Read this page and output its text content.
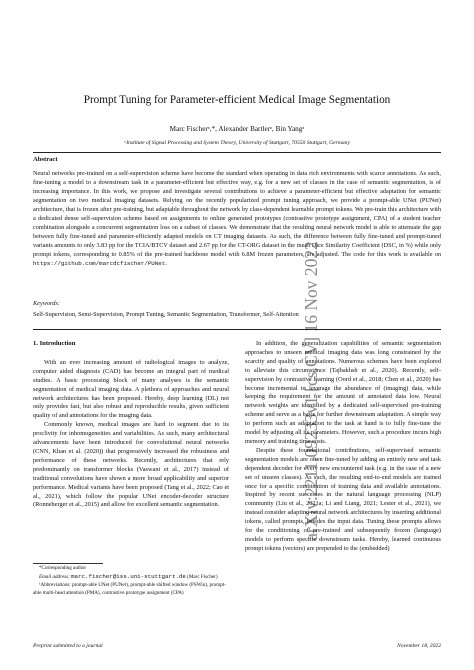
arXiv:2211.09233v1 [cs.CV] 16 Nov 2022
Prompt Tuning for Parameter-efficient Medical Image Segmentation
Marc Fischerᵃ,*, Alexander Bartlerᵃ, Bin Yangᵃ
ᵃInstitute of Signal Processing and System Theory, University of Stuttgart, 70550 Stuttgart, Germany
Abstract
Neural networks pre-trained on a self-supervision scheme have become the standard when operating in data rich environments with scarce annotations. As such, fine-tuning a model to a downstream task in a parameter-efficient but effective way, e.g. for a new set of classes in the case of semantic segmentation, is of increasing importance. In this work, we propose and investigate several contributions to achieve a parameter-efficient but effective adaptation for semantic segmentation on two medical imaging datasets. Relying on the recently popularized prompt tuning approach, we provide a prompt-able UNet (PUNet) architecture, that is frozen after pre-training, but adaptable throughout the network by class-dependent learnable prompt tokens. We pre-train this architecture with a dedicated dense self-supervision scheme based on assignments to online generated prototypes (contrastive prototype assignment, CPA) of a student teacher combination alongside a concurrent segmentation loss on a subset of classes. We demonstrate that the resulting neural network model is able to attenuate the gap between fully fine-tuned and parameter-efficiently adapted models on CT imaging datasets. As such, the difference between fully fine-tuned and prompt-tuned variants amounts to only 3.83 pp for the TCIA/BTCV dataset and 2.67 pp for the CT-ORG dataset in the mean Dice Similarity Coefficient (DSC, in %) while only prompt tokens, corresponding to 0.85% of the pre-trained backbone model with 6.8M frozen parameters, are adjusted. The code for this work is available on https://github.com/marcdcfischer/PUNet.
Keywords:
Self-Supervision, Semi-Supervision, Prompt Tuning, Semantic Segmentation, Transformer, Self-Attention

1. Introduction

With an ever increasing amount of radiological images to analyze, computer aided diagnosis (CAD) has become an integral part of medical studies. A basic processing block of many analyses is the semantic segmentation of medical imaging data. A plethora of approaches and neural network architectures has been proposed. Hereby, deep learning (DL) not only provides fast, but also robust and reproducible results, given sufficient quality of and annotations for the imaging data.

Commonly known, medical images are hard to segment due to its proclivity for inhomogeneities and variabilities. As such, many architectural advancements have been introduced for convolutional neural networks (CNN, Khan et al. (2020)) that progressively increased the robustness and performance of these networks. Recently, architectures that rely predominantly on transformer blocks (Vaswani et al., 2017) instead of traditional convolutions have shown a more broad applicability and superior performance. Medical variants have been proposed (Tang et al., 2022; Cao et al., 2021), which follow the popular UNet encoder-decoder structure (Ronneberger et al., 2015) and allow for excellent semantic segmentation.

In addition, the generalization capabilities of semantic segmentation approaches to unseen medical imaging data was long constrained by the scarcity and quality of annotations. Numerous schemes have been explored to alleviate this circumstance (Tajbakhsh et al., 2020). Recently, self-supervision by contrastive learning (Oord et al., 2018; Chen et al., 2020) has become incremental to leverage the abundance of (imaging) data, while keeping the requirement for the amount of annotated data low. Neural network weights are identified by a dedicated self-supervised pre-training scheme and serve as a basis for further downstream adaptation. A simple way to perform such an adaptation to the task at hand is to fully fine-tune the model by adjusting all its parameters. However, such a procedure incurs high memory and training time costs.

Despite these foundational contributions, self-supervised semantic segmentation models are often fine-tuned by adding an entirely new and task dependent decoder for every new encountered task (e.g. in the case of a new set of unseen classes). As such, the resulting end-to-end models are trained once for a specific combination of training data and available annotations. Inspired by recent successes in the natural language processing (NLP) community (Liu et al., 2021a; Li and Liang, 2021; Lester et al., 2021), we instead consider adapting neural network architectures by inserting additional tokens, called prompts, besides the input data. Tuning these prompts allows for the conditioning of pre-trained and subsequently frozen (language) models to perform specific downstream tasks. Hereby, learned continuous prompt tokens (vectors) are prepended to the (embedded)

*Corresponding author

Email address: marc.fischer@iss.uni-stuttgart.de (Marc Fischer)

¹Abbreviations: prompt-able UNet (PUNet), prompt-able shifted window (PSWin), prompt-able multi-head attention (PMA), contrastive prototype assignment (CPA)

Preprint submitted to a journal	November 18, 2022
